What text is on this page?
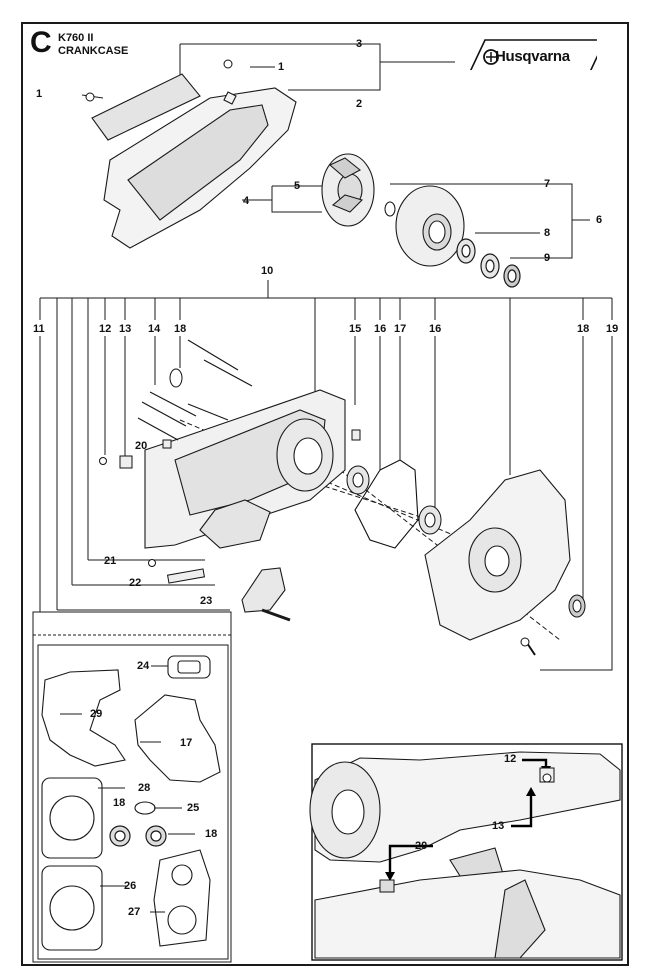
C K760 II
CRANKCASE	Husqvarna
3
1
1
2
5
4
7
6
8
9
10
11	12 13 14 18	15 16 17 16	18 19
20
21
22
23
24
29
17
28
18	25
18
26
27
12
13
20
